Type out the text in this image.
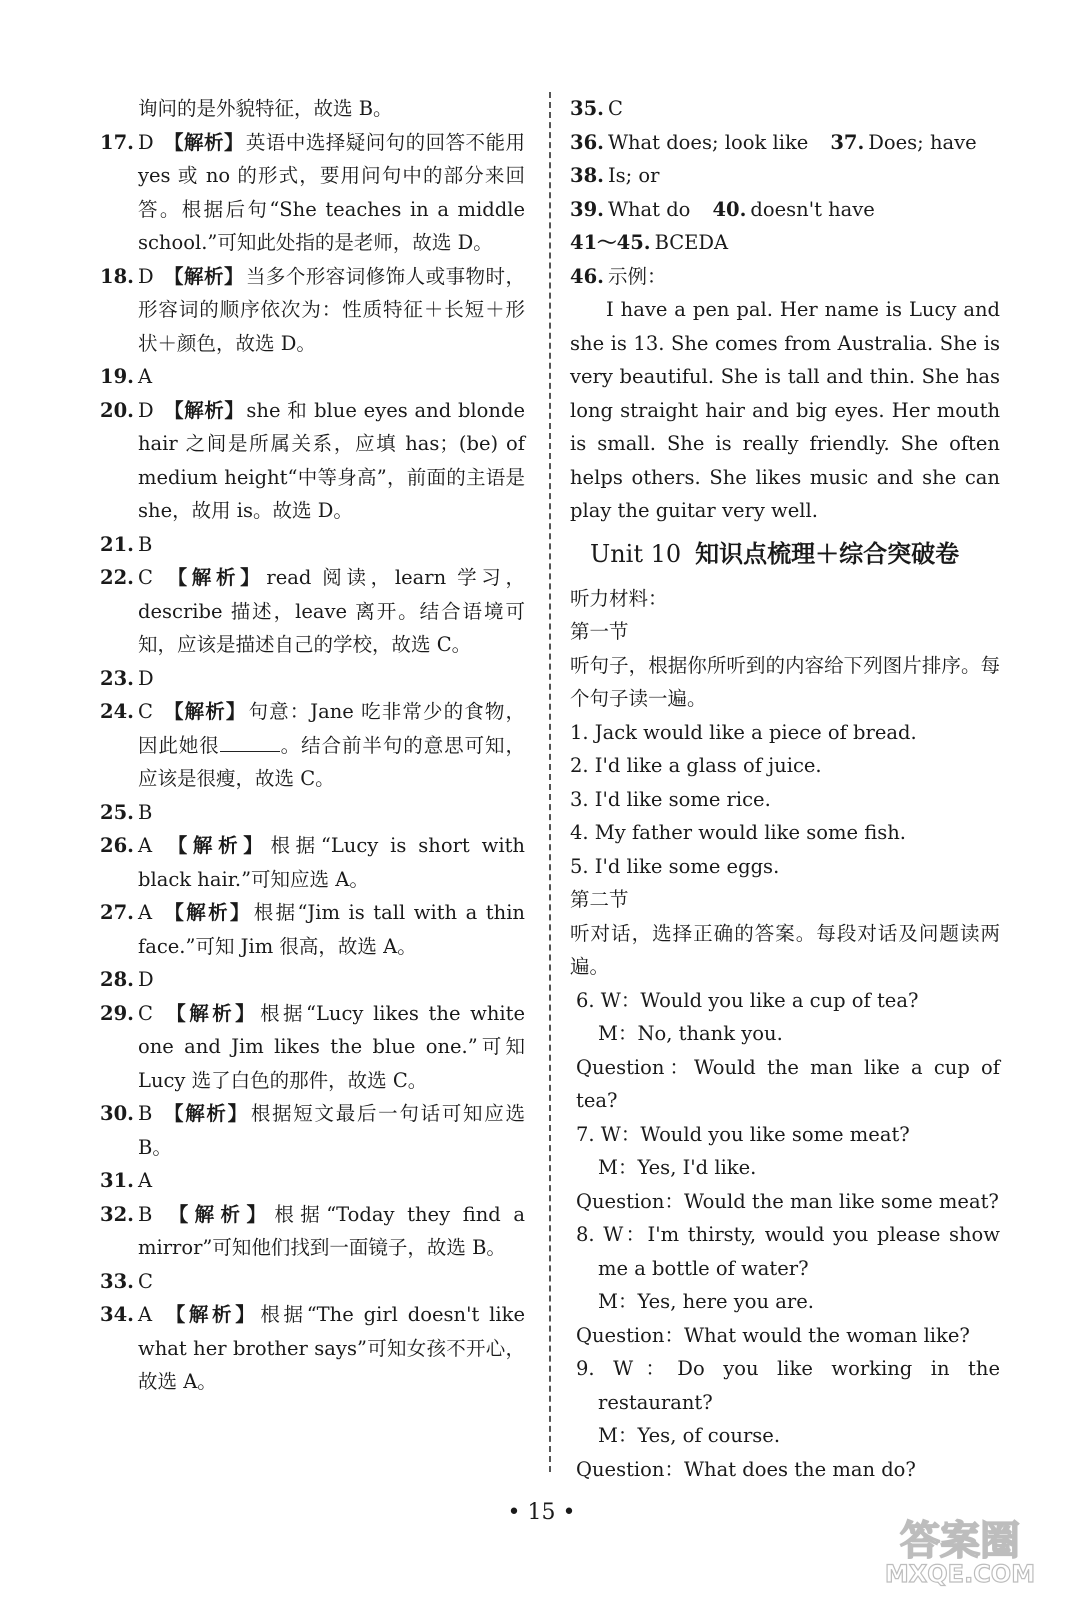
询问的是外貌特征，故选 B。
17. D 【解析】 英语中选择疑问句的回答不能用 yes 或 no 的形式，要用问句中的部分来回答。根据后句“She teaches in a middle school.”可知此处指的是老师，故选 D。
18. D 【解析】 当多个形容词修饰人或事物时，形容词的顺序依次为：性质特征＋长短＋形状＋颜色，故选 D。
19. A
20. D 【解析】 she 和 blue eyes and blonde hair 之间是所属关系，应填 has；(be) of medium height“中等身高”，前面的主语是 she，故用 is。故选 D。
21. B
22. C 【解析】 read 阅读，learn 学习，describe 描述，leave 离开。结合语境可知，应该是描述自己的学校，故选 C。
23. D
24. C 【解析】 句意：Jane 吃非常少的食物，因此她很	。结合前半句的意思可知，应该是很瘦，故选 C。
25. B
26. A 【解析】 根据“Lucy is short with black hair.”可知应选 A。
27. A 【解析】 根据“Jim is tall with a thin face.”可知 Jim 很高，故选 A。
28. D
29. C 【解析】 根据“Lucy likes the white one and Jim likes the blue one.”可知 Lucy 选了白色的那件，故选 C。
30. B 【解析】 根据短文最后一句话可知应选 B。
31. A
32. B 【解析】 根据“Today they find a mirror”可知他们找到一面镜子，故选 B。
33. C
34. A 【解析】 根据“The girl doesn't like what her brother says”可知女孩不开心，故选 A。
35. C
36. What does; look like 37. Does; have
38. Is; or
39. What do 40. doesn't have
41～45. BCEDA
46. 示例：
I have a pen pal. Her name is Lucy and she is 13. She comes from Australia. She is very beautiful. She is tall and thin. She has long straight hair and big eyes. Her mouth is small. She is really friendly. She often helps others. She likes music and she can play the guitar very well.
Unit 10 知识点梳理＋综合突破卷
听力材料：
第一节
听句子，根据你所听到的内容给下列图片排序。每个句子读一遍。
1. Jack would like a piece of bread.
2. I'd like a glass of juice.
3. I'd like some rice.
4. My father would like some fish.
5. I'd like some eggs.
第二节
听对话，选择正确的答案。每段对话及问题读两遍。
6. W：Would you like a cup of tea?
M：No, thank you.
Question：Would the man like a cup of tea?
7. W：Would you like some meat?
M：Yes, I'd like.
Question：Would the man like some meat?
8. W：I'm thirsty, would you please show me a bottle of water?
M：Yes, here you are.
Question：What would the woman like?
9. W：Do you like working in the restaurant?
M：Yes, of course.
Question：What does the man do?
• 15 •
答案圈
MXQE.COM
